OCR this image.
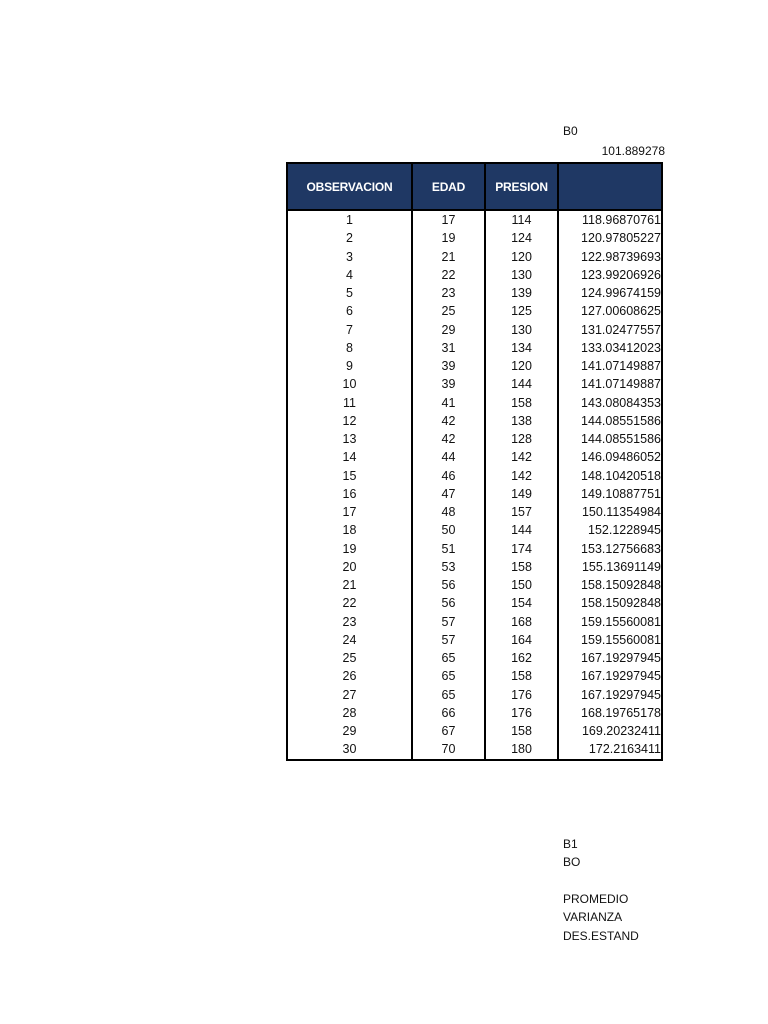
B0
101.889278
OBSERVACION	EDAD	PRESION	
1	17	114	118.96870761
2	19	124	120.97805227
3	21	120	122.98739693
4	22	130	123.99206926
5	23	139	124.99674159
6	25	125	127.00608625
7	29	130	131.02477557
8	31	134	133.03412023
9	39	120	141.07149887
10	39	144	141.07149887
11	41	158	143.08084353
12	42	138	144.08551586
13	42	128	144.08551586
14	44	142	146.09486052
15	46	142	148.10420518
16	47	149	149.10887751
17	48	157	150.11354984
18	50	144	152.1228945
19	51	174	153.12756683
20	53	158	155.13691149
21	56	150	158.15092848
22	56	154	158.15092848
23	57	168	159.15560081
24	57	164	159.15560081
25	65	162	167.19297945
26	65	158	167.19297945
27	65	176	167.19297945
28	66	176	168.19765178
29	67	158	169.20232411
30	70	180	172.2163411
B1
BO
PROMEDIO
VARIANZA
DES.ESTAND
